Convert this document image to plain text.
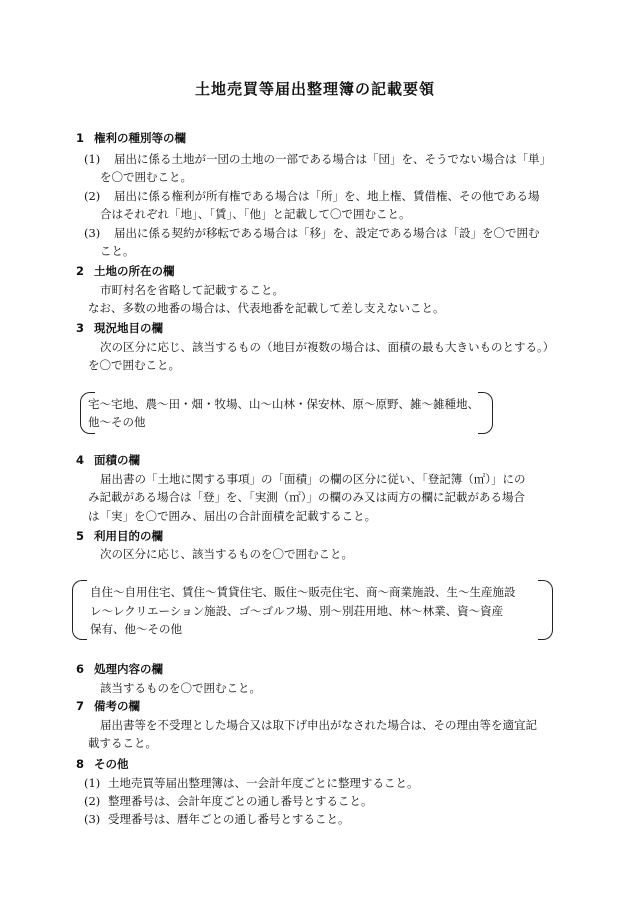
土地売買等届出整理簿の記載要領
1 権利の種別等の欄
(1) 届出に係る土地が一団の土地の一部である場合は「団」を、そうでない場合は「単」
を〇で囲むこと。
(2) 届出に係る権利が所有権である場合は「所」を、地上権、賃借権、その他である場
合はそれぞれ「地」、「賃」、「他」と記載して〇で囲むこと。
(3) 届出に係る契約が移転である場合は「移」を、設定である場合は「設」を〇で囲む
こと。
2 土地の所在の欄
市町村名を省略して記載すること。
なお、多数の地番の場合は、代表地番を記載して差し支えないこと。
3 現況地目の欄
次の区分に応じ、該当するもの（地目が複数の場合は、面積の最も大きいものとする。）
を〇で囲むこと。
宅～宅地、農～田・畑・牧場、山～山林・保安林、原～原野、雑～雑種地、
他～その他
4 面積の欄
届出書の「土地に関する事項」の「面積」の欄の区分に従い、「登記簿（㎡）」にの
み記載がある場合は「登」を、「実測（㎡）」の欄のみ又は両方の欄に記載がある場合
は「実」を〇で囲み、届出の合計面積を記載すること。
5 利用目的の欄
次の区分に応じ、該当するものを〇で囲むこと。
自住～自用住宅、賃住～賃貸住宅、販住～販売住宅、商～商業施設、生～生産施設
レ～レクリエーション施設、ゴ～ゴルフ場、別～別荘用地、林～林業、資～資産
保有、他～その他
6 処理内容の欄
該当するものを〇で囲むこと。
7 備考の欄
届出書等を不受理とした場合又は取下げ申出がなされた場合は、その理由等を適宜記
載すること。
8 その他
(1) 土地売買等届出整理簿は、一会計年度ごとに整理すること。
(2) 整理番号は、会計年度ごとの通し番号とすること。
(3) 受理番号は、暦年ごとの通し番号とすること。
